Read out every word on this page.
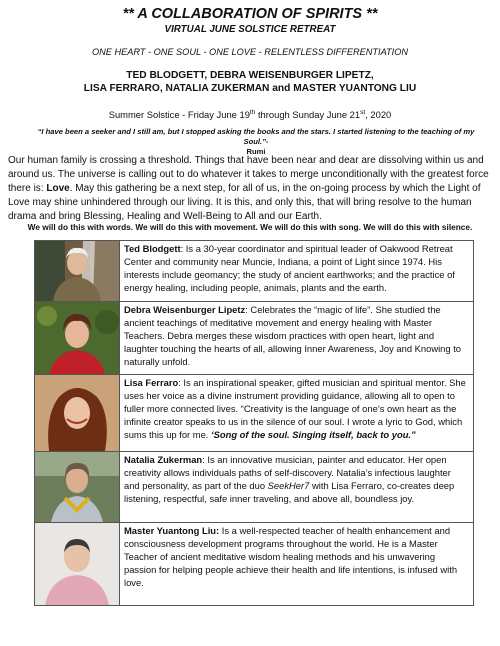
** A COLLABORATION OF SPIRITS **
VIRTUAL JUNE SOLSTICE RETREAT
ONE HEART - ONE SOUL - ONE LOVE - RELENTLESS DIFFERENTIATION
TED BLODGETT, DEBRA WEISENBURGER LIPETZ,
LISA FERRARO, NATALIA ZUKERMAN and MASTER YUANTONG LIU
Summer Solstice - Friday June 19th through Sunday June 21st, 2020
“I have been a seeker and I still am, but I stopped asking the books and the stars. I started listening to the teaching of my Soul.”-
Rumi
Our human family is crossing a threshold. Things that have been near and dear are dissolving within us and around us. The universe is calling out to do whatever it takes to merge unconditionally with the greatest force there is: Love. May this gathering be a next step, for all of us, in the on-going process by which the Light of Love may shine unhindered through our living. It is this, and only this, that will bring resolve to the human drama and bring Blessing, Healing and Well-Being to All and our Earth.
We will do this with words. We will do this with movement. We will do this with song. We will do this with silence.
	Ted Blodgett: Is a 30-year coordinator and spiritual leader of Oakwood Retreat Center and community near Muncie, Indiana, a point of Light since 1974. His interests include geomancy; the study of ancient earthworks; and the practice of energy healing, including people, animals, plants and the earth.

	Debra Weisenburger Lipetz: Celebrates the “magic of life”. She studied the ancient teachings of meditative movement and energy healing with Master Teachers. Debra merges these wisdom practices with open heart, light and laughter touching the hearts of all, allowing Inner Awareness, Joy and Knowing to naturally unfold.

	Lisa Ferraro: Is an inspirational speaker, gifted musician and spiritual mentor. She uses her voice as a divine instrument providing guidance, allowing all to open to fuller more connected lives. “Creativity is the language of one’s own heart as the infinite creator speaks to us in the silence of our soul. I wrote a lyric to God, which sums this up for me. ‘Song of the soul. Singing itself, back to you.”

	Natalia Zukerman: Is an innovative musician, painter and educator. Her open creativity allows individuals paths of self-discovery. Natalia’s infectious laughter and personality, as part of the duo SeekHer7 with Lisa Ferraro, co-creates deep listening, respectful, safe inner traveling, and above all, boundless joy.

	Master Yuantong Liu: Is a well-respected teacher of health enhancement and consciousness development programs throughout the world. He is a Master Teacher of ancient meditative wisdom healing methods and his unwavering passion for helping people achieve their health and life intentions, is infused with love.
